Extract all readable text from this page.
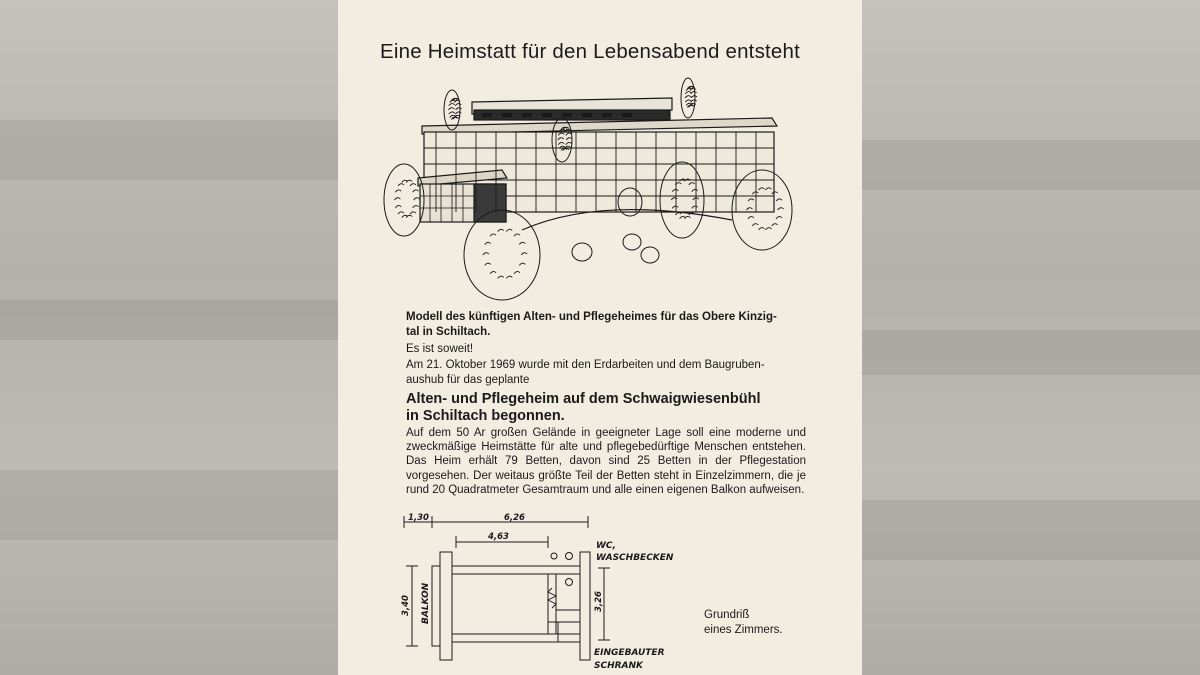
Eine Heimstatt für den Lebensabend entsteht
Modell des künftigen Alten- und Pflegeheimes für das Obere Kinzig-
tal in Schiltach.
Es ist soweit!
Am 21. Oktober 1969 wurde mit den Erdarbeiten und dem Baugruben-
aushub für das geplante
Alten- und Pflegeheim auf dem Schwaigwiesenbühl
in Schiltach begonnen.
Auf dem 50 Ar großen Gelände in geeigneter Lage soll eine moderne und zweckmäßige Heimstätte für alte und pflegebedürftige Menschen entstehen. Das Heim erhält 79 Betten, davon sind 25 Betten in der Pflegestation vorgesehen. Der weitaus größte Teil der Betten steht in Einzelzimmern, die je rund 20 Quadratmeter Gesamtraum und alle einen eigenen Balkon aufweisen.
1,30	6,26
4,63
3,40	3,26
BALKON
WC,
WASCHBECKEN
EINGEBAUTER
SCHRANK
Grundriß
eines Zimmers.
